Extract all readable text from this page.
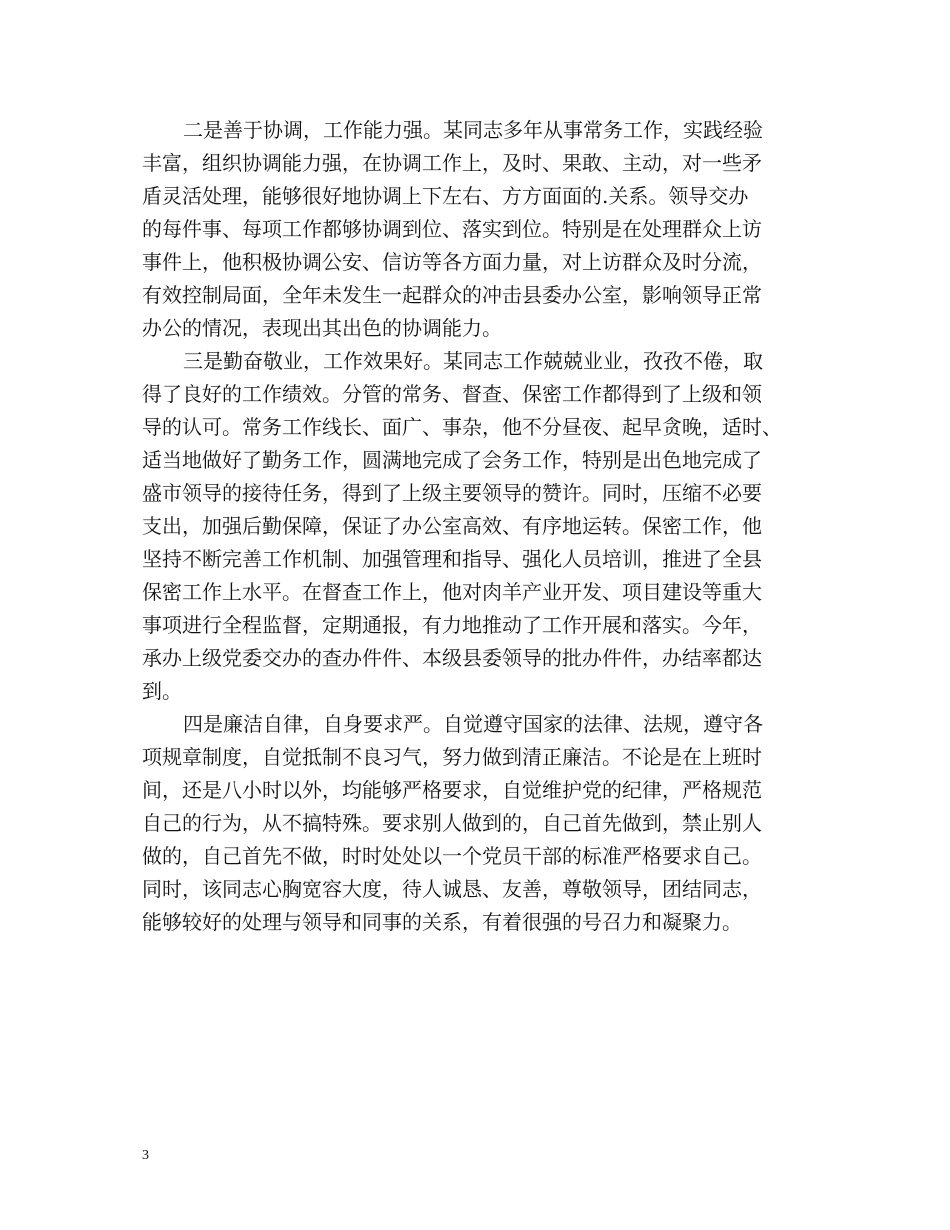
二是善于协调，工作能力强。某同志多年从事常务工作，实践经验
丰富，组织协调能力强，在协调工作上，及时、果敢、主动，对一些矛
盾灵活处理，能够很好地协调上下左右、方方面面的.关系。领导交办
的每件事、每项工作都够协调到位、落实到位。特别是在处理群众上访
事件上，他积极协调公安、信访等各方面力量，对上访群众及时分流，
有效控制局面，全年未发生一起群众的冲击县委办公室，影响领导正常
办公的情况，表现出其出色的协调能力。
三是勤奋敬业，工作效果好。某同志工作兢兢业业，孜孜不倦，取
得了良好的工作绩效。分管的常务、督查、保密工作都得到了上级和领
导的认可。常务工作线长、面广、事杂，他不分昼夜、起早贪晚，适时、
适当地做好了勤务工作，圆满地完成了会务工作，特别是出色地完成了
盛市领导的接待任务，得到了上级主要领导的赞许。同时，压缩不必要
支出，加强后勤保障，保证了办公室高效、有序地运转。保密工作，他
坚持不断完善工作机制、加强管理和指导、强化人员培训，推进了全县
保密工作上水平。在督查工作上，他对肉羊产业开发、项目建设等重大
事项进行全程监督，定期通报，有力地推动了工作开展和落实。今年，
承办上级党委交办的查办件件、本级县委领导的批办件件，办结率都达
到。
四是廉洁自律，自身要求严。自觉遵守国家的法律、法规，遵守各
项规章制度，自觉抵制不良习气，努力做到清正廉洁。不论是在上班时
间，还是八小时以外，均能够严格要求，自觉维护党的纪律，严格规范
自己的行为，从不搞特殊。要求别人做到的，自己首先做到，禁止别人
做的，自己首先不做，时时处处以一个党员干部的标准严格要求自己。
同时，该同志心胸宽容大度，待人诚恳、友善，尊敬领导，团结同志，
能够较好的处理与领导和同事的关系，有着很强的号召力和凝聚力。
3
